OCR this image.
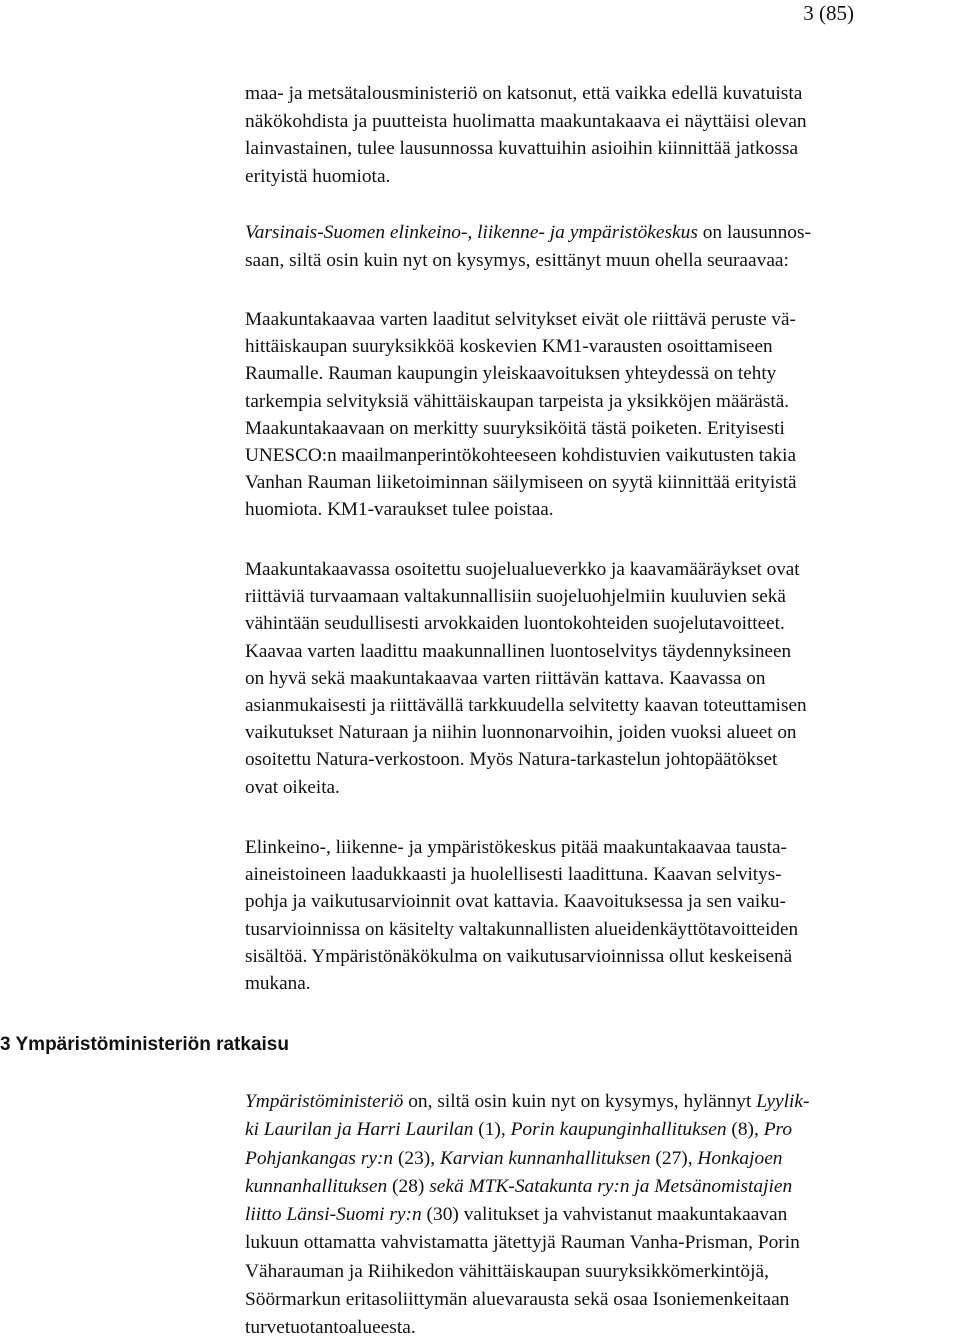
3 (85)
3 Ympäristöministeriön ratkaisu
maa- ja metsätalousministeriö on katsonut, että vaikka edellä kuvatuista
näkökohdista ja puutteista huolimatta maakuntakaava ei näyttäisi olevan
lainvastainen, tulee lausunnossa kuvattuihin asioihin kiinnittää jatkossa
erityistä huomiota.
Varsinais-Suomen elinkeino-, liikenne- ja ympäristökeskus on lausunnos-
saan, siltä osin kuin nyt on kysymys, esittänyt muun ohella seuraavaa:
Maakuntakaavaa varten laaditut selvitykset eivät ole riittävä peruste vä-
hittäiskaupan suuryksikköä koskevien KM1-varausten osoittamiseen
Raumalle. Rauman kaupungin yleiskaavoituksen yhteydessä on tehty
tarkempia selvityksiä vähittäiskaupan tarpeista ja yksikköjen määrästä.
Maakuntakaavaan on merkitty suuryksiköitä tästä poiketen. Erityisesti
UNESCO:n maailmanperintökohteeseen kohdistuvien vaikutusten takia
Vanhan Rauman liiketoiminnan säilymiseen on syytä kiinnittää erityistä
huomiota. KM1-varaukset tulee poistaa.
Maakuntakaavassa osoitettu suojelualueverkko ja kaavamääräykset ovat
riittäviä turvaamaan valtakunnallisiin suojeluohjelmiin kuuluvien sekä
vähintään seudullisesti arvokkaiden luontokohteiden suojelutavoitteet.
Kaavaa varten laadittu maakunnallinen luontoselvitys täydennyksineen
on hyvä sekä maakuntakaavaa varten riittävän kattava. Kaavassa on
asianmukaisesti ja riittävällä tarkkuudella selvitetty kaavan toteuttamisen
vaikutukset Naturaan ja niihin luonnonarvoihin, joiden vuoksi alueet on
osoitettu Natura-verkostoon. Myös Natura-tarkastelun johtopäätökset
ovat oikeita.
Elinkeino-, liikenne- ja ympäristökeskus pitää maakuntakaavaa tausta-
aineistoineen laadukkaasti ja huolellisesti laadittuna. Kaavan selvitys-
pohja ja vaikutusarvioinnit ovat kattavia. Kaavoituksessa ja sen vaiku-
tusarvioinnissa on käsitelty valtakunnallisten alueidenkäyttötavoitteiden
sisältöä. Ympäristönäkökulma on vaikutusarvioinnissa ollut keskeisenä
mukana.
Ympäristöministeriö on, siltä osin kuin nyt on kysymys, hylännyt Lyylik-
ki Laurilan ja Harri Laurilan (1), Porin kaupunginhallituksen (8), Pro
Pohjankangas ry:n (23), Karvian kunnanhallituksen (27), Honkajoen
kunnanhallituksen (28) sekä MTK-Satakunta ry:n ja Metsänomistajien
liitto Länsi-Suomi ry:n (30) valitukset ja vahvistanut maakuntakaavan
lukuun ottamatta vahvistamatta jätettyjä Rauman Vanha-Prisman, Porin
Väharauman ja Riihikedon vähittäiskaupan suuryksikkömerkintöjä,
Söörmarkun eritasoliittymän aluevarausta sekä osaa Isoniemenkeitaan
turvetuotantoalueesta.
